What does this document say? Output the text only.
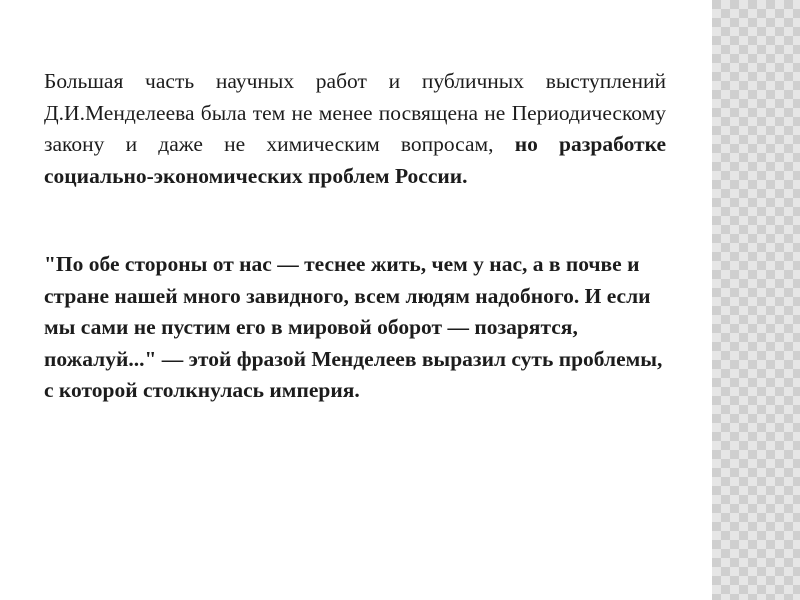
Большая часть научных работ и публичных выступлений Д.И.Менделеева была тем не менее посвящена не Периодическому закону и даже не химическим вопросам, но разработке социально-экономических проблем России.

"По обе стороны от нас — теснее жить, чем у нас, а в почве и стране нашей много завидного, всем людям надобного. И если мы сами не пустим его в мировой оборот — позарятся, пожалуй..." — этой фразой Менделеев выразил суть проблемы, с которой столкнулась империя.
